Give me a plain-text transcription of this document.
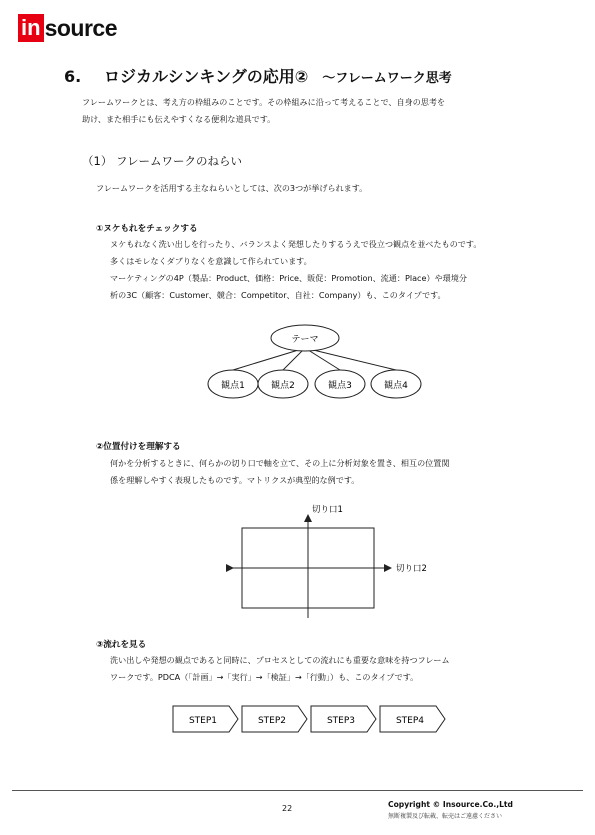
in source
6. ロジカルシンキングの応用② ～フレームワーク思考
フレームワークとは、考え方の枠組みのことです。その枠組みに沿って考えることで、自身の思考を
助け、また相手にも伝えやすくなる便利な道具です。
（1） フレームワークのねらい
フレームワークを活用する主なねらいとしては、次の3つが挙げられます。
①ヌケもれをチェックする
ヌケもれなく洗い出しを行ったり、バランスよく発想したりするうえで役立つ観点を並べたものです。
多くはモレなくダブりなくを意識して作られています。
マーケティングの4P（製品：Product、価格：Price、販促：Promotion、流通：Place）や環境分
析の3C（顧客：Customer、競合：Competitor、自社：Company）も、このタイプです。
テーマ
観点1	観点2	観点3	観点4
②位置付けを理解する
何かを分析するときに、何らかの切り口で軸を立て、その上に分析対象を置き、相互の位置関
係を理解しやすく表現したものです。マトリクスが典型的な例です。
切り口1
切り口2
③流れを見る
洗い出しや発想の観点であると同時に、プロセスとしての流れにも重要な意味を持つフレーム
ワークです。PDCA（「計画」→「実行」→「検証」→「行動」）も、このタイプです。
STEP1	STEP2	STEP3	STEP4
22	Copyright © Insource.Co.,Ltd
無断複製及び転載、転売はご遠慮ください
